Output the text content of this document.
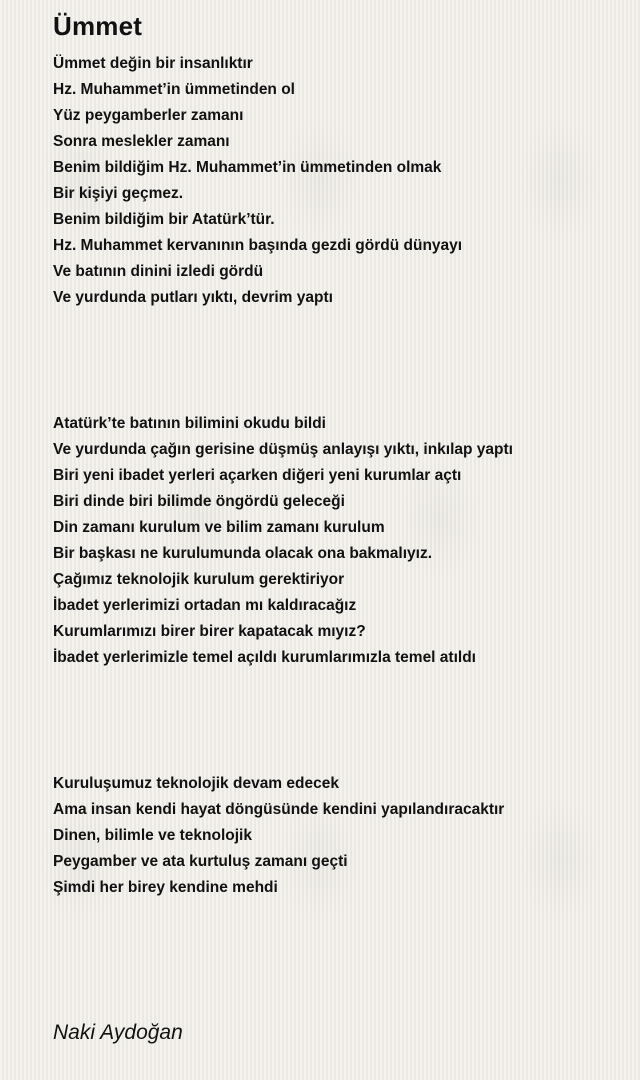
Ümmet
Ümmet değin bir insanlıktır
Hz. Muhammet’in ümmetinden ol
Yüz peygamberler zamanı
Sonra meslekler zamanı
Benim bildiğim Hz. Muhammet’in ümmetinden olmak
Bir kişiyi geçmez.
Benim bildiğim bir Atatürk’tür.
Hz. Muhammet kervanının başında gezdi gördü dünyayı
Ve batının dinini izledi gördü
Ve yurdunda putları yıktı, devrim yaptı
Atatürk’te batının bilimini okudu bildi
Ve yurdunda çağın gerisine düşmüş anlayışı yıktı, inkılap yaptı
Biri yeni ibadet yerleri açarken diğeri yeni kurumlar açtı
Biri dinde biri bilimde öngördü geleceği
Din zamanı kurulum ve bilim zamanı kurulum
Bir başkası ne kurulumunda olacak ona bakmalıyız.
Çağımız teknolojik kurulum gerektiriyor
İbadet yerlerimizi ortadan mı kaldıracağız
Kurumlarımızı birer birer kapatacak mıyız?
İbadet yerlerimizle temel açıldı kurumlarımızla temel atıldı
Kuruluşumuz teknolojik devam edecek
Ama insan kendi hayat döngüsünde kendini yapılandıracaktır
Dinen, bilimle ve teknolojik
Peygamber ve ata kurtuluş zamanı geçti
Şimdi her birey kendine mehdi

Naki Aydoğan
